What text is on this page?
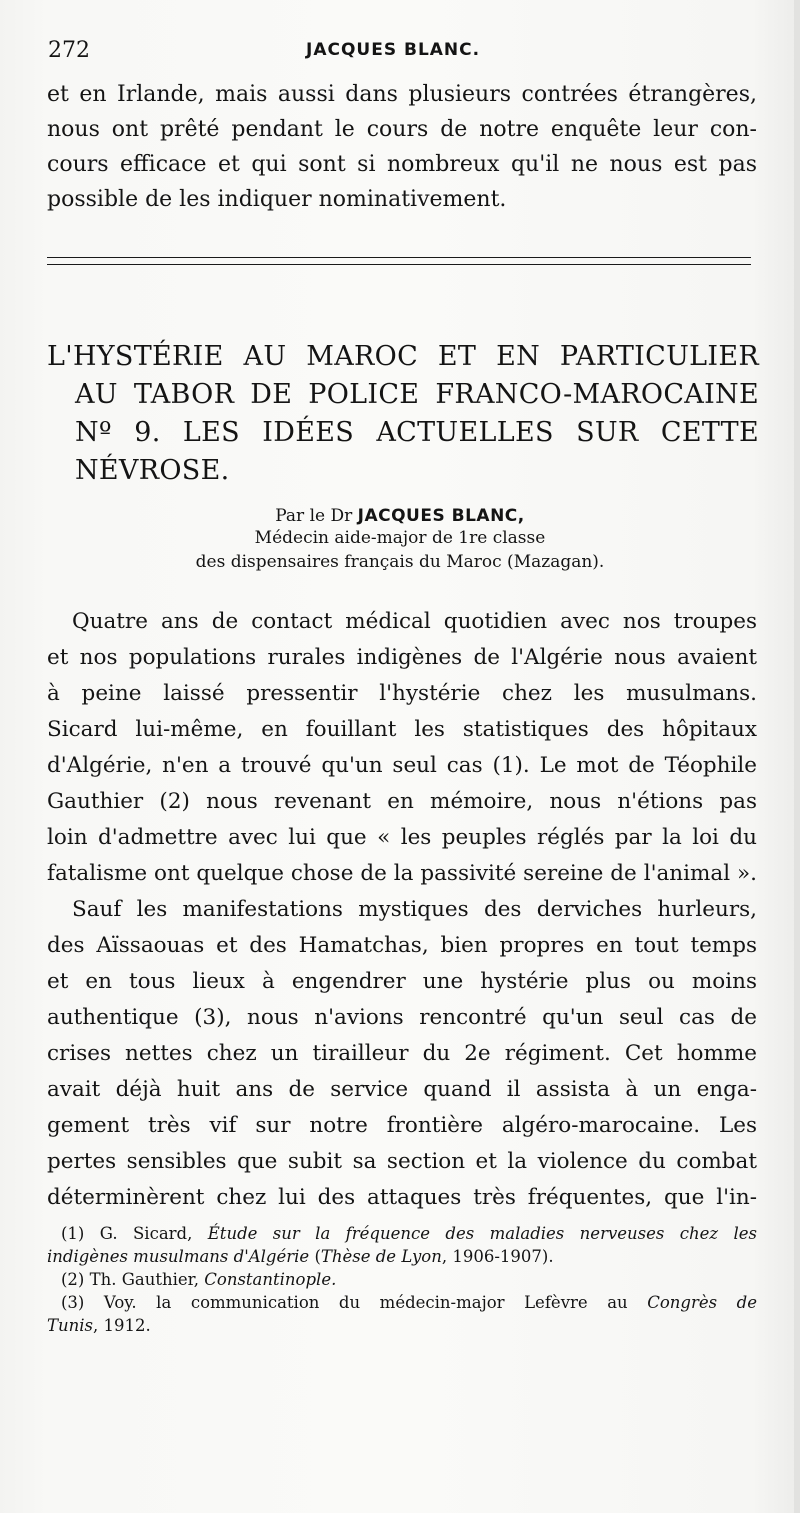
272	JACQUES BLANC.
et en Irlande, mais aussi dans plusieurs contrées étrangères,
nous ont prêté pendant le cours de notre enquête leur con-
cours efficace et qui sont si nombreux qu'il ne nous est pas
possible de les indiquer nominativement.
L'HYSTÉRIE AU MAROC ET EN PARTICULIER
AU TABOR DE POLICE FRANCO-MAROCAINE
Nº 9. LES IDÉES ACTUELLES SUR CETTE
NÉVROSE.
Par le Dr JACQUES BLANC,
Médecin aide-major de 1re classe
des dispensaires français du Maroc (Mazagan).
Quatre ans de contact médical quotidien avec nos troupes
et nos populations rurales indigènes de l'Algérie nous avaient
à peine laissé pressentir l'hystérie chez les musulmans.
Sicard lui-même, en fouillant les statistiques des hôpitaux
d'Algérie, n'en a trouvé qu'un seul cas (1). Le mot de Téophile
Gauthier (2) nous revenant en mémoire, nous n'étions pas
loin d'admettre avec lui que « les peuples réglés par la loi du
fatalisme ont quelque chose de la passivité sereine de l'animal ».
Sauf les manifestations mystiques des derviches hurleurs,
des Aïssaouas et des Hamatchas, bien propres en tout temps
et en tous lieux à engendrer une hystérie plus ou moins
authentique (3), nous n'avions rencontré qu'un seul cas de
crises nettes chez un tirailleur du 2e régiment. Cet homme
avait déjà huit ans de service quand il assista à un enga-
gement très vif sur notre frontière algéro-marocaine. Les
pertes sensibles que subit sa section et la violence du combat
déterminèrent chez lui des attaques très fréquentes, que l'in-
(1) G. Sicard, Étude sur la fréquence des maladies nerveuses chez les
indigènes musulmans d'Algérie (Thèse de Lyon, 1906-1907).
(2) Th. Gauthier, Constantinople.
(3) Voy. la communication du médecin-major Lefèvre au Congrès de
Tunis, 1912.
